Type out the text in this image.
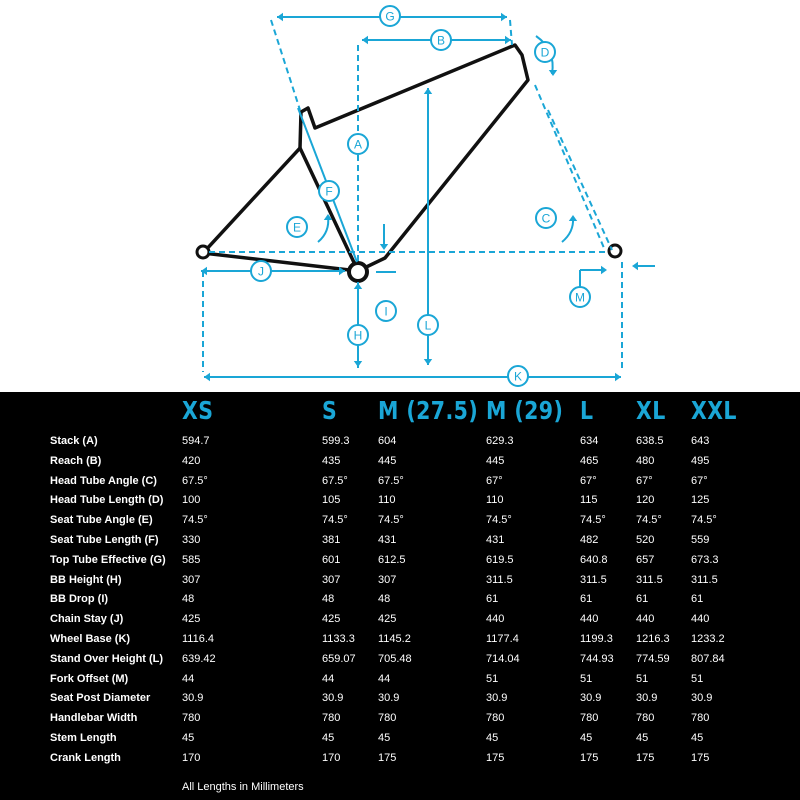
G
B
D
A
F
E
C
J
I
H
L
M
K
XS	S M (27.5) M (29) L XL XXL
Stack (A)	594.7	599.3	604	629.3	634	638.5 643
Reach (B)	420	435	445	445	465	480	495
Head Tube Angle (C) 67.5°	67.5°	67.5°	67°	67°	67°	67°
Head Tube Length (D) 100	105	110	110	115	120	125
Seat Tube Angle (E)	74.5°	74.5°	74.5°	74.5°	74.5°	74.5°	74.5°
Seat Tube Length (F) 330	381	431	431	482	520	559
Top Tube Effective (G) 585	601	612.5	619.5	640.8	657	673.3
BB Height (H)	307	307	307	311.5	311.5	311.5	311.5
BB Drop (I)	48	48	48	61	61	61	61
Chain Stay (J)	425	425	425	440	440	440	440
Wheel Base (K)	1116.4	1133.3 1145.2	1177.4	1199.3 1216.3 1233.2
Stand Over Height (L) 639.42	659.07 705.48	714.04	744.93 774.59 807.84
Fork Offset (M)	44	44	44	51	51	51	51
Seat Post Diameter	30.9	30.9	30.9	30.9	30.9	30.9	30.9
Handlebar Width	780	780	780	780	780	780	780
Stem Length	45	45	45	45	45	45	45
Crank Length	170	170	175	175	175	175	175
All Lengths in Millimeters
